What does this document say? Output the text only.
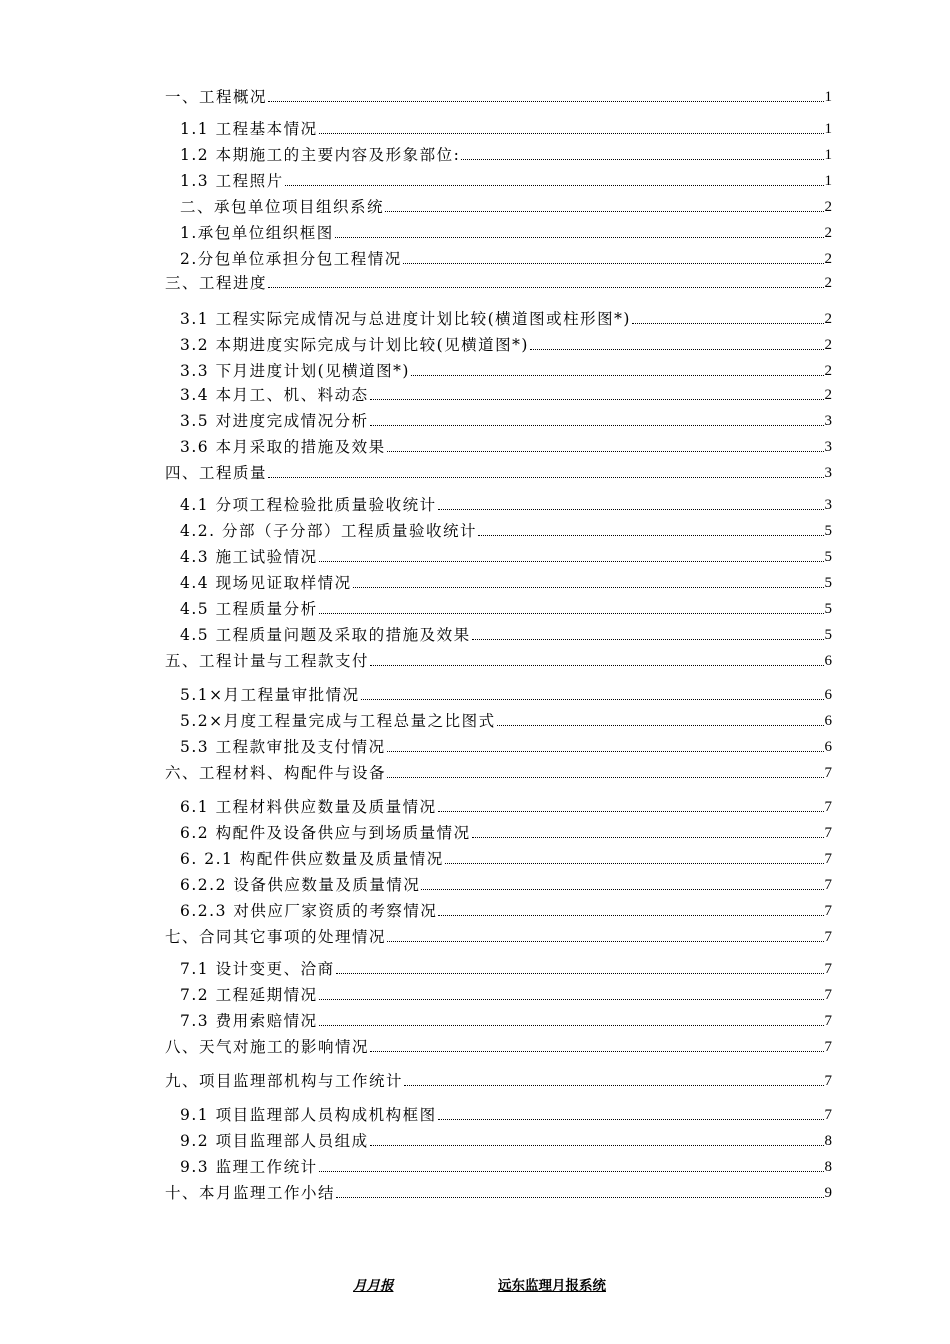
一、工程概况	1
1.1 工程基本情况	1
1.2 本期施工的主要内容及形象部位:	1
1.3 工程照片	1
二、承包单位项目组织系统	2
1.承包单位组织框图	2
2.分包单位承担分包工程情况	2
三、工程进度	2
3.1 工程实际完成情况与总进度计划比较(横道图或柱形图*)	2
3.2 本期进度实际完成与计划比较(见横道图*)	2
3.3 下月进度计划(见横道图*)	2
3.4 本月工、机、料动态	2
3.5 对进度完成情况分析	3
3.6 本月采取的措施及效果	3
四、工程质量	3
4.1 分项工程检验批质量验收统计	3
4.2. 分部（子分部）工程质量验收统计	5
4.3 施工试验情况	5
4.4 现场见证取样情况	5
4.5 工程质量分析	5
4.5 工程质量问题及采取的措施及效果	5
五、工程计量与工程款支付	6
5.1×月工程量审批情况	6
5.2×月度工程量完成与工程总量之比图式	6
5.3 工程款审批及支付情况	6
六、工程材料、构配件与设备	7
6.1 工程材料供应数量及质量情况	7
6.2 构配件及设备供应与到场质量情况	7
6. 2.1 构配件供应数量及质量情况	7
6.2.2 设备供应数量及质量情况	7
6.2.3 对供应厂家资质的考察情况	7
七、合同其它事项的处理情况	7
7.1 设计变更、洽商	7
7.2 工程延期情况	7
7.3 费用索赔情况	7
八、天气对施工的影响情况	7
九、项目监理部机构与工作统计	7
9.1 项目监理部人员构成机构框图	7
9.2 项目监理部人员组成	8
9.3 监理工作统计	8
十、本月监理工作小结	9
月月报	远东监理月报系统
